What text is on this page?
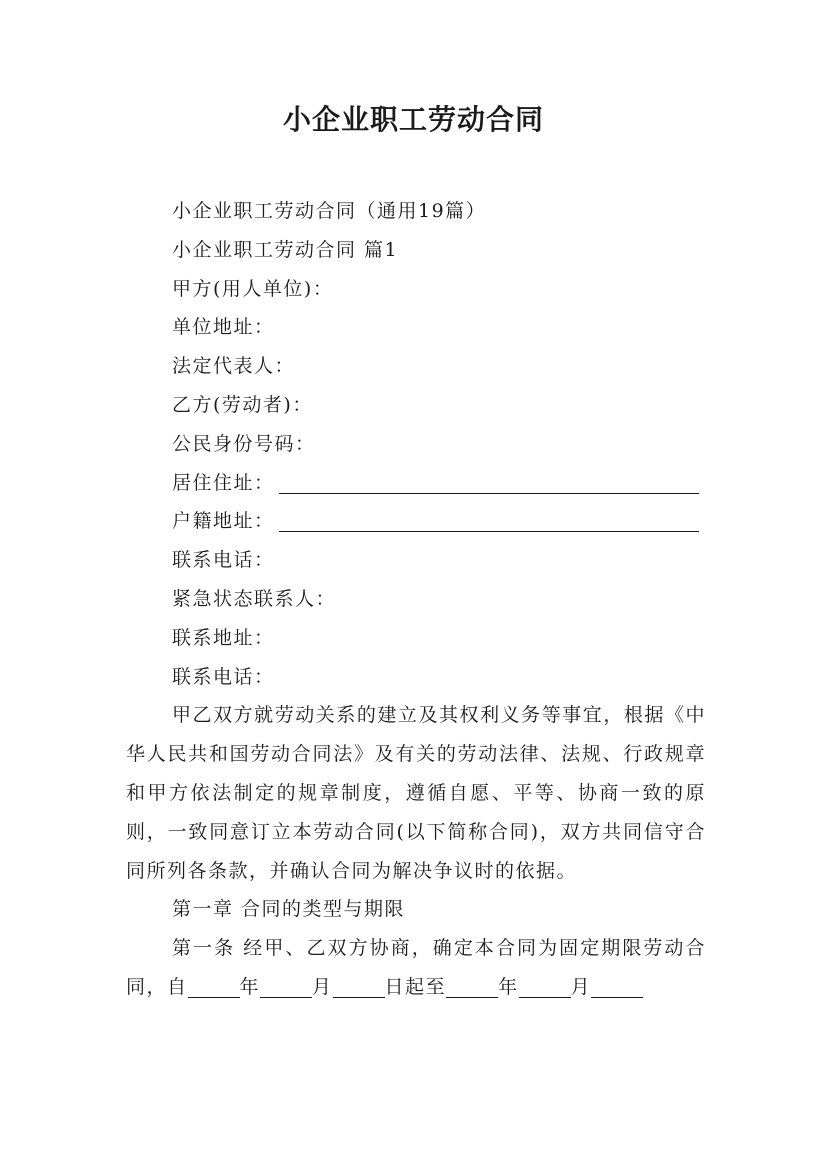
小企业职工劳动合同
小企业职工劳动合同（通用19篇）
小企业职工劳动合同 篇1
甲方(用人单位)：
单位地址：
法定代表人：
乙方(劳动者)：
公民身份号码：
居住住址：
户籍地址：
联系电话：
紧急状态联系人：
联系地址：
联系电话：

甲乙双方就劳动关系的建立及其权利义务等事宜，根据《中华人民共和国劳动合同法》及有关的劳动法律、法规、行政规章和甲方依法制定的规章制度，遵循自愿、平等、协商一致的原则，一致同意订立本劳动合同(以下简称合同)，双方共同信守合同所列各条款，并确认合同为解决争议时的依据。

第一章 合同的类型与期限

第一条 经甲、乙双方协商，确定本合同为固定期限劳动合同，自	年	月	日起至	年	月
